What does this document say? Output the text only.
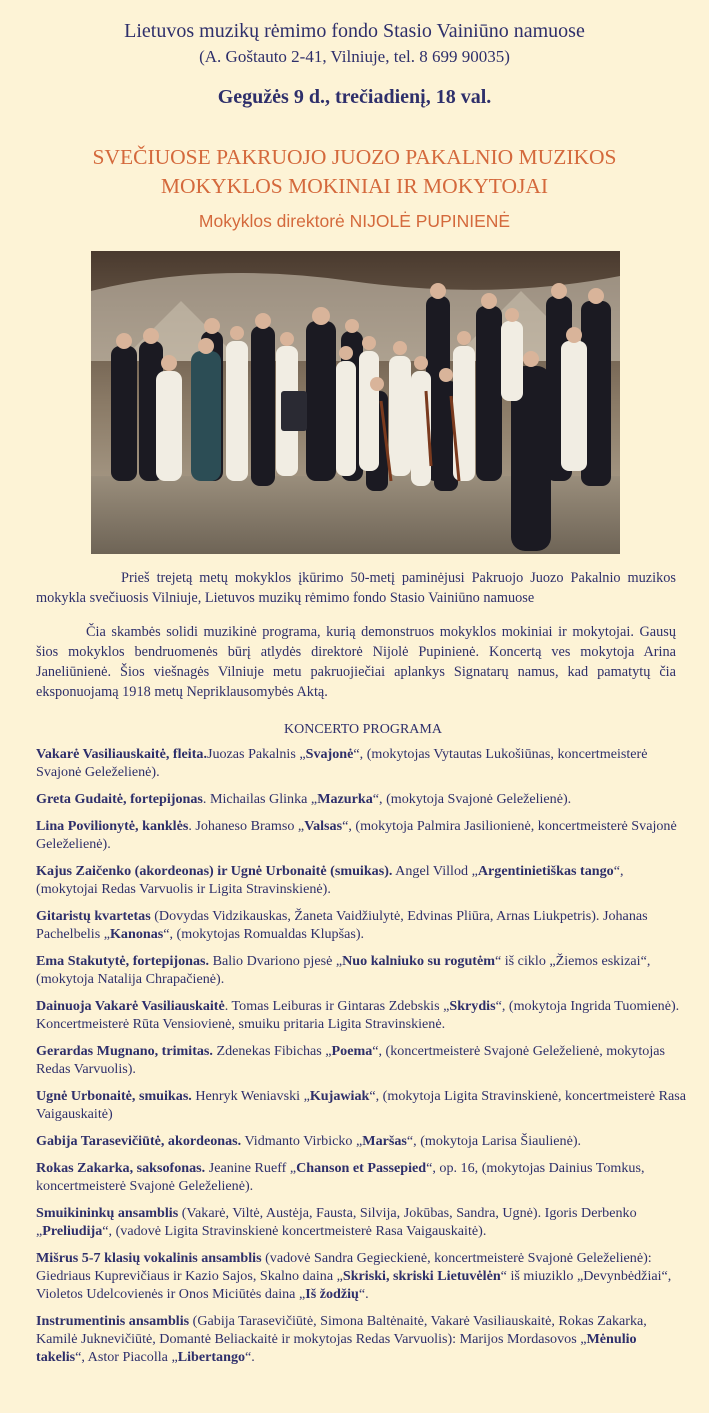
Lietuvos muzikų rėmimo fondo Stasio Vainiūno namuose
(A. Goštauto 2-41, Vilniuje, tel. 8 699 90035)
Gegužės 9 d., trečiadienį, 18 val.
SVEČIUOSE PAKRUOJO JUOZO PAKALNIO MUZIKOS
MOKYKLOS MOKINIAI IR MOKYTOJAI
Mokyklos direktorė NIJOLĖ PUPINIENĖ

Prieš trejetą metų mokyklos įkūrimo 50-metį paminėjusi Pakruojo Juozo Pakalnio muzikos mokykla svečiuosis Vilniuje, Lietuvos muzikų rėmimo fondo Stasio Vainiūno namuose

Čia skambės solidi muzikinė programa, kurią demonstruos mokyklos mokiniai ir mokytojai. Gausų šios mokyklos bendruomenės būrį atlydės direktorė Nijolė Pupinienė. Koncertą ves mokytoja Arina Janeliūnienė. Šios viešnagės Vilniuje metu pakruojiečiai aplankys Signatarų namus, kad pamatytų čia eksponuojamą 1918 metų Nepriklausomybės Aktą.

KONCERTO PROGRAMA
Vakarė Vasiliauskaitė, fleita.Juozas Pakalnis „Svajonė“, (mokytojas Vytautas Lukošiūnas, koncertmeisterė Svajonė Geleželienė).
Greta Gudaitė, fortepijonas. Michailas Glinka „Mazurka“, (mokytoja Svajonė Geleželienė).
Lina Povilionytė, kanklės. Johaneso Bramso „Valsas“, (mokytoja Palmira Jasilionienė, koncertmeisterė Svajonė Geleželienė).
Kajus Zaičenko (akordeonas) ir Ugnė Urbonaitė (smuikas). Angel Villod „Argentinietiškas tango“, (mokytojai Redas Varvuolis ir Ligita Stravinskienė).
Gitaristų kvartetas (Dovydas Vidzikauskas, Žaneta Vaidžiulytė, Edvinas Pliūra, Arnas Liukpetris). Johanas Pachelbelis „Kanonas“, (mokytojas Romualdas Klupšas).
Ema Stakutytė, fortepijonas. Balio Dvariono pjesė „Nuo kalniuko su rogutėm“ iš ciklo „Žiemos eskizai“, (mokytoja Natalija Chrapačienė).
Dainuoja Vakarė Vasiliauskaitė. Tomas Leiburas ir Gintaras Zdebskis „Skrydis“, (mokytoja Ingrida Tuomienė). Koncertmeisterė Rūta Vensiovienė, smuiku pritaria Ligita Stravinskienė.
Gerardas Mugnano, trimitas. Zdenekas Fibichas „Poema“, (koncertmeisterė Svajonė Geleželienė, mokytojas Redas Varvuolis).
Ugnė Urbonaitė, smuikas. Henryk Weniavski „Kujawiak“, (mokytoja Ligita Stravinskienė, koncertmeisterė Rasa Vaigauskaitė)
Gabija Tarasevičiūtė, akordeonas. Vidmanto Virbicko „Maršas“, (mokytoja Larisa Šiaulienė).
Rokas Zakarka, saksofonas. Jeanine Rueff „Chanson et Passepied“, op. 16, (mokytojas Dainius Tomkus, koncertmeisterė Svajonė Geleželienė).
Smuikininkų ansamblis (Vakarė, Viltė, Austėja, Fausta, Silvija, Jokūbas, Sandra, Ugnė). Igoris Derbenko „Preliudija“, (vadovė Ligita Stravinskienė koncertmeisterė Rasa Vaigauskaitė).
Mišrus 5-7 klasių vokalinis ansamblis (vadovė Sandra Gegieckienė, koncertmeisterė Svajonė Geleželienė): Giedriaus Kuprevičiaus ir Kazio Sajos, Skalno daina „Skriski, skriski Lietuvėlėn“ iš miuziklo „Devynbėdžiai“, Violetos Udelcovienės ir Onos Miciūtės daina „Iš žodžių“.
Instrumentinis ansamblis (Gabija Tarasevičiūtė, Simona Baltėnaitė, Vakarė Vasiliauskaitė, Rokas Zakarka, Kamilė Juknevičiūtė, Domantė Beliackaitė ir mokytojas Redas Varvuolis): Marijos Mordasovos „Mėnulio takelis“, Astor Piacolla „Libertango“.
